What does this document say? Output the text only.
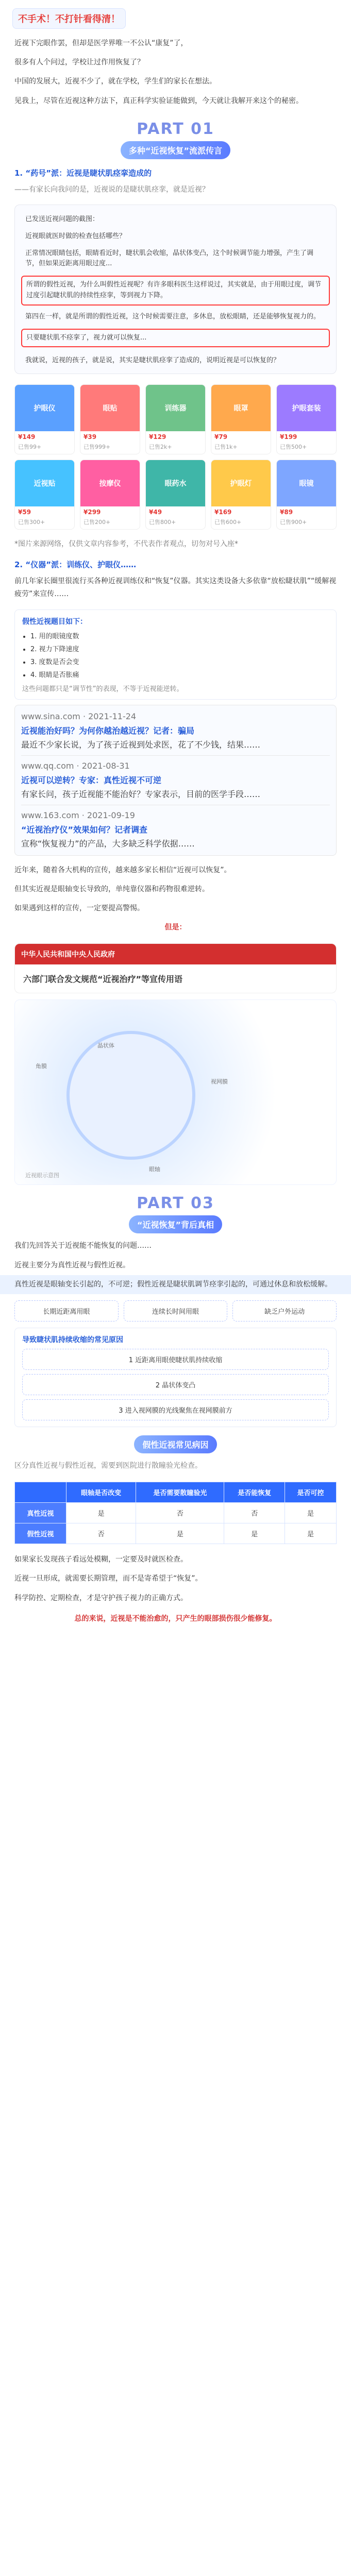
不手术！不打针看得清！
近视下完眼作罢，但却是医学界唯一不公认“康复”了，
很多有人个问过，学校让过作用恢复了？
中国的发展大，近视不少了，就在学校，学生们的家长在想法。
见我上，尽管在近视这种方法下，真正科学实验证能做到，今天就让我解开来这个的秘密。
PART 01
多种“近视恢复”流派传言
1. “药号”派：近视是睫状肌痉挛造成的
——有家长向我问的是，近视说的是睫状肌痉挛，就是近视？
已发送近视问题的截图：
近视眼就医时做的检查包括哪些？
正常情况眼睛包括，眼睛看近时，睫状肌会收缩，晶状体变凸，这个时候调节能力增强，产生了调节，但如果近距离用眼过度...
所谓的假性近视，为什么叫假性近视呢？有许多眼科医生这样说过，其实就是，由于用眼过度，调节过度引起睫状肌的持续性痉挛，等到视力下降。
第四在一样，就是所谓的假性近视，这个时候需要注意，多休息，放松眼睛，还是能够恢复视力的。
只要睫状肌不痉挛了，视力就可以恢复...
我就说，近视的孩子，就是说，其实是睫状肌痉挛了造成的，说明近视是可以恢复的？
护眼仪
¥149
已售99+
眼贴
¥39
已售999+
训练器
¥129
已售2k+
眼罩
¥79
已售1k+
护眼套装
¥199
已售500+
近视贴
¥59
已售300+
按摩仪
¥299
已售200+
眼药水
¥49
已售800+
护眼灯
¥169
已售600+
眼镜
¥89
已售900+
*图片来源网络，仅供文章内容参考，不代表作者观点，切勿对号入座*
2. “仪器”派：训练仪、护眼仪……
前几年家长圈里很流行买各种近视训练仪和“恢复”仪器。其实这类设备大多依靠“放松睫状肌”“缓解视疲劳”来宣传……
假性近视题目如下：
• 1. 用的眼镜度数
• 2. 视力下降速度
• 3. 度数是否会变
• 4. 眼睛是否胀痛
这些问题都只是“调节性”的表现，不等于近视能逆转。
www.sina.com · 2021-11-24
近视能治好吗？为何你越治越近视？记者：骗局
最近不少家长说，为了孩子近视到处求医，花了不少钱，结果……
www.qq.com · 2021-08-31
近视可以逆转？专家：真性近视不可逆
有家长问，孩子近视能不能治好？专家表示，目前的医学手段……
www.163.com · 2021-09-19
“近视治疗仪”效果如何？记者调查
宣称“恢复视力”的产品，大多缺乏科学依据……
近年来，随着各大机构的宣传，越来越多家长相信“近视可以恢复”。
但其实近视是眼轴变长导致的，单纯靠仪器和药物很难逆转。
如果遇到这样的宣传，一定要提高警惕。
但是：
中华人民共和国中央人民政府
六部门联合发文规范“近视治疗”等宣传用语
角膜
晶状体
视网膜
眼轴
近视眼示意图
PART 03
“近视恢复”背后真相
我们先回答关于近视能不能恢复的问题……
近视主要分为真性近视与假性近视。
真性近视是眼轴变长引起的，不可逆；假性近视是睫状肌调节痉挛引起的，可通过休息和放松缓解。
长期近距离用眼	连续长时间用眼	缺乏户外运动
导致睫状肌持续收缩的常见原因
1 近距离用眼使睫状肌持续收缩
2 晶状体变凸
3 进入视网膜的光线聚焦在视网膜前方
假性近视常见病因
区分真性近视与假性近视，需要到医院进行散瞳验光检查。
	眼轴是否改变	是否需要散瞳验光	是否能恢复	是否可控
真性近视	是	否	否	是
假性近视	否	是	是	是
如果家长发现孩子看远处模糊，一定要及时就医检查。
近视一旦形成，就需要长期管理，而不是寄希望于“恢复”。
科学防控、定期检查，才是守护孩子视力的正确方式。
总的来说，近视是不能治愈的，只产生的眼部损伤很少能修复。
